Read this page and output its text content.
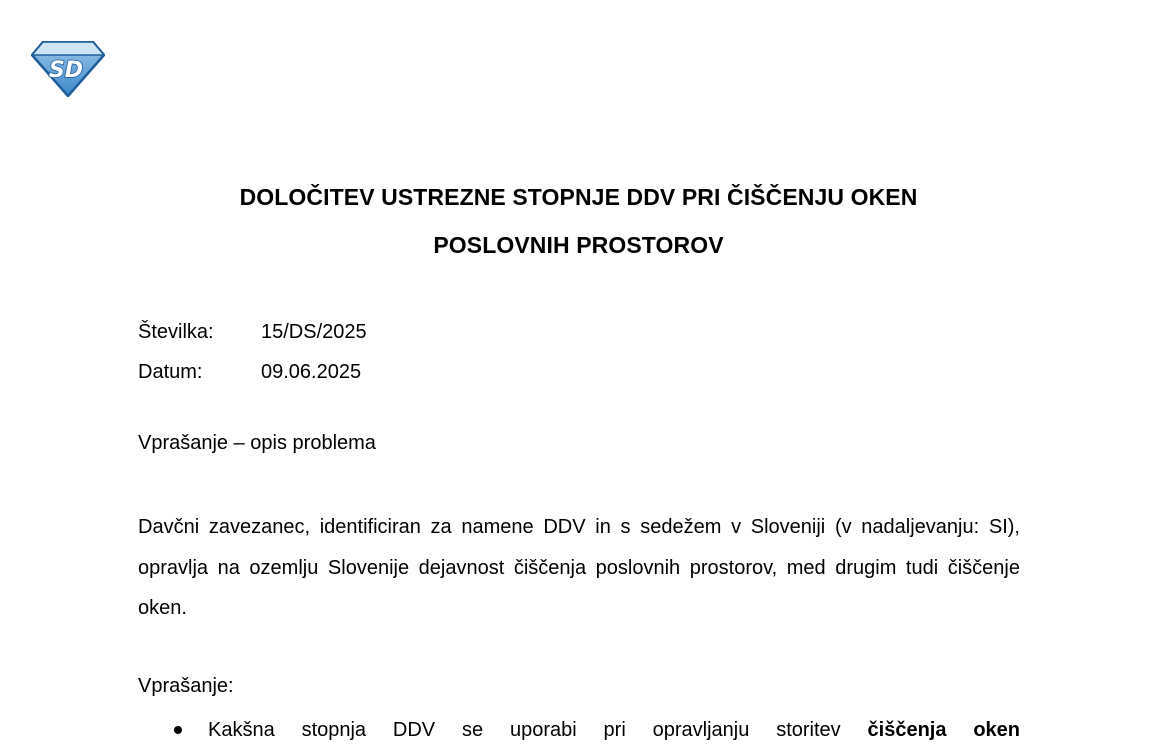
SD
DOLOČITEV USTREZNE STOPNJE DDV PRI ČIŠČENJU OKEN
POSLOVNIH PROSTOROV
Številka:	15/DS/2025
Datum:	09.06.2025
Vprašanje – opis problema
Davčni zavezanec, identificiran za namene DDV in s sedežem v Sloveniji (v nadaljevanju: SI), opravlja na ozemlju Slovenije dejavnost čiščenja poslovnih prostorov, med drugim tudi čiščenje oken.
Vprašanje:
Kakšna stopnja DDV se uporabi pri opravljanju storitev čiščenja oken
